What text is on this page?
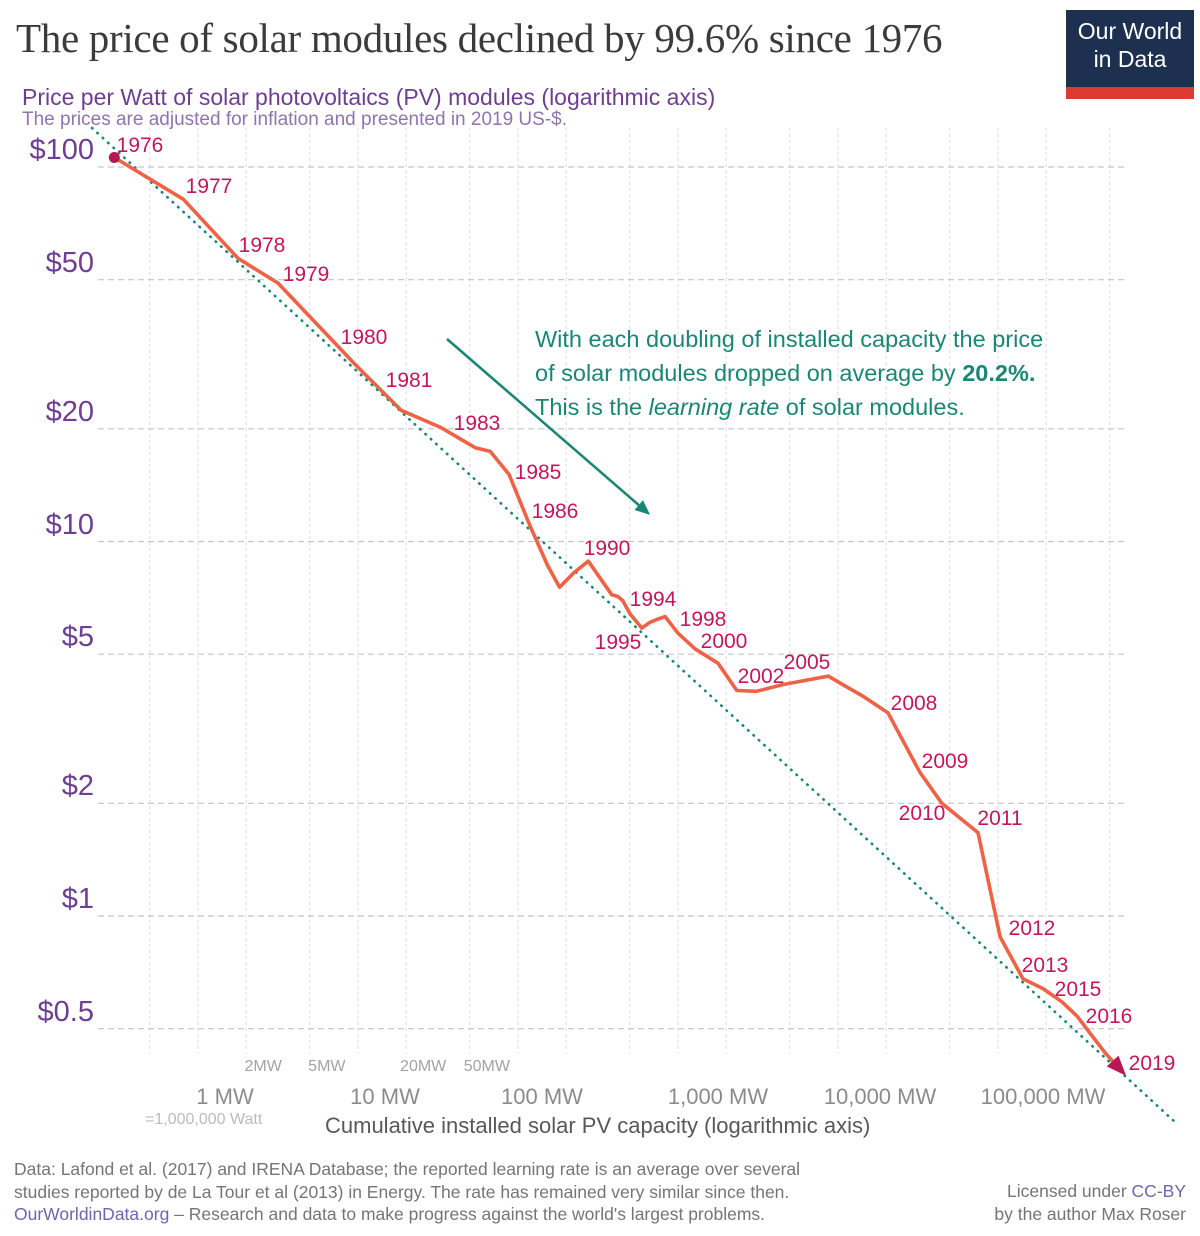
The price of solar modules declined by 99.6% since 1976	Our World
in Data
Price per Watt of solar photovoltaics (PV) modules (logarithmic axis)
The prices are adjusted for inflation and presented in 2019 US-$.
With each doubling of installed capacity the price
of solar modules dropped on average by 20.2%.
This is the learning rate of solar modules.
$100
$50
$20
$10
$5
$2
$1
$0.5
1 MW	10 MW	100 MW	1,000 MW	10,000 MW 100,000 MW
2MW 5MW	20MW 50MW
1976
1977
1978
1979
1980
1981
1983
1985
1986
1990
1994
1995
1998
2000
2002
2005
2008
2009
2010 2011
2012
2013
2015
2016
2019
=1,000,000 Watt	Cumulative installed solar PV capacity (logarithmic axis)
Data: Lafond et al. (2017) and IRENA Database; the reported learning rate is an average over several
studies reported by de La Tour et al (2013) in Energy. The rate has remained very similar since then.
OurWorldinData.org – Research and data to make progress against the world's largest problems.
Licensed under CC-BY
by the author Max Roser
